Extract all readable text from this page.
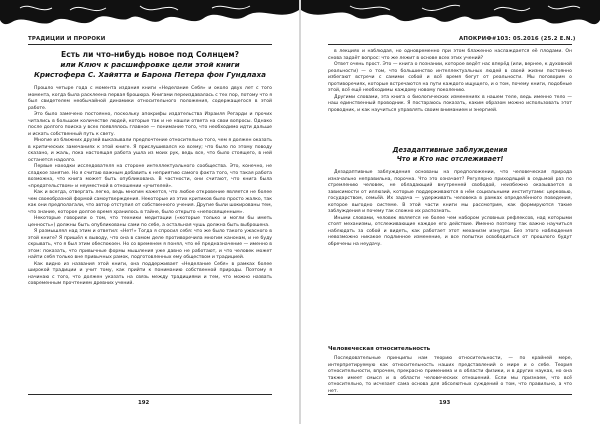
ТРАДИЦИИ И ПРОРОКИ

Есть ли что-нибудь новое под Солнцем?

или Ключ к расшифровке цели этой книги

Кристофера С. Хайятта и Барона Петера фон Гундлаха

Прошло четыре года с момента издания книги «Неделание Себя» и около двух лет с того момента, когда была расклеена первая брошюра. Книгами переиздавалась с тех пор, потому что я был свидетелем необычайной динамики относительного положения, содержащегося в этой работе.

Это было замечено постоянно, поскольку апокрифы издательства Израиля Регарди и прочих читались в большом количестве людей, которые так и не нашли ответа на свои вопросы. Однако после долгого поиска у всех появлялось главное — понимание того, что необходимо идти дальше и искать собственный путь к свету.

Многие из ближних друзей выказывали предпочтение относительно того, чем я должен оказать в критических замечаниях к этой книге. Я прислушивался ко всему; что было по этому поводу сказано, и жаль, пока настоящая работа ушла из моих рук, ведь все, что было стоящего, в ней останется надолго.

Первые находки исследователя на стороне интеллектуального сообщества. Это, конечно, не сладкое занятие. Но я считаю важным добавить к неприятию самого факта того, что такая работа возможна, что книга может быть опубликована. В частности, они считают, что книга была «предательством» и неуместной в отношении «учителей».

Как и всегда, отвергать легко, ведь многим кажется, что любое откровение является не более чем своеобразной формой самоутверждения. Некоторые из этих критиков было просто жалко, так как они предполагали, что автор отступил от собственного учения. Другие были шокированы тем, что знание, которое долгое время хранилось в тайне, было открыто «непосвященным».

Некоторые говорили о том, что техники медитации («которые только и могли бы иметь ценность») должны быть опубликованы сами по себе, а остальная чушь должна быть выброшена.

Я размышлял над этим и ответил: «Нет!» Тогда я спросил себя: что же было такого ужасного в этой книге? Я пришёл к выводу, что она в самом деле противоречила многим канонам, и не буду скрывать, что я был этим обеспокоен. Но со временем я понял, что её предназначение — именно в этом: показать, что привычные формы мышления уже давно не работают, и что человек может найти себя только вне привычных рамок, подготовленных ему обществом и традицией.

Как видно из названия этой книги, она поддерживает «Неделание Себя» в рамках более широкой традиции и учит тому, как прийти к пониманию собственной природы. Поэтому я начинаю с того, что должен указать на связь между традициями и тем, что можно назвать современным прочтением древних учений.

192
АПОКРИФ#103: 05.2016 (25.2 E.N.)

в лекциях и наблюдая, но одновременно при этом блаженно наслаждается её плодами. Он снова задаёт вопрос: что же лежит в основе всех этих учений?

Ответ очень прост. Это — книга о познании, которое ведёт нас вперёд (или, вернее, к духовной реальности) — о том, что большинство интеллектуальных людей в своей жизни постоянно избегают встречи с самими собой и всё время бегут от реальности. Мы поговорим о противоречиях, которые встречаются на пути каждого ищущего, и о том, почему книги, подобные этой, всё ещё необходимы каждому новому поколению.

Другими словами, эта книга о биологических изменениях в нашем теле, ведь именно тело — наш единственный проводник. Я постараюсь показать, каким образом можно использовать этот проводник, и как научиться управлять своим вниманием и энергией.

Дезадаптивные заблуждения
Что и Кто нас отслеживает!

Дезадаптивные заблуждения основаны на предположении, что человеческая природа изначально неправильна, порочна. Что это означает? Регулярно приходящий в седьмой раз по стремлению человек, не обладающий внутренней свободой, неизбежно оказывается в зависимости от иллюзий, которые поддерживаются в нём социальными институтами: церковью, государством, семьёй. Их задача — удерживать человека в рамках определённого поведения, которое выгодно системе. В этой части книги мы рассмотрим, как формируются такие заблуждения и почему так сложно их распознать.

Иными словами, человек является не более чем набором условных рефлексов, над которыми стоят механизмы, отслеживающие каждое его действие. Именно поэтому так важно научиться наблюдать за собой и видеть, как работает этот механизм изнутри. Без этого наблюдения невозможно никакое подлинное изменение, и все попытки освободиться от прошлого будут обречены на неудачу.

Человеческая относительность

Последовательные принципы нам теорию относительности, — по крайней мере, интерпретируемую как относительность наших представлений о мире и о себе. Теория относительности, впрочем, прекрасно применима и в области физики, и в других науках, но она также имеет смысл и в области человеческих отношений. Если мы признаем, что всё относительно, то исчезает сама основа для абсолютных суждений о том, что правильно, а что нет.

193
